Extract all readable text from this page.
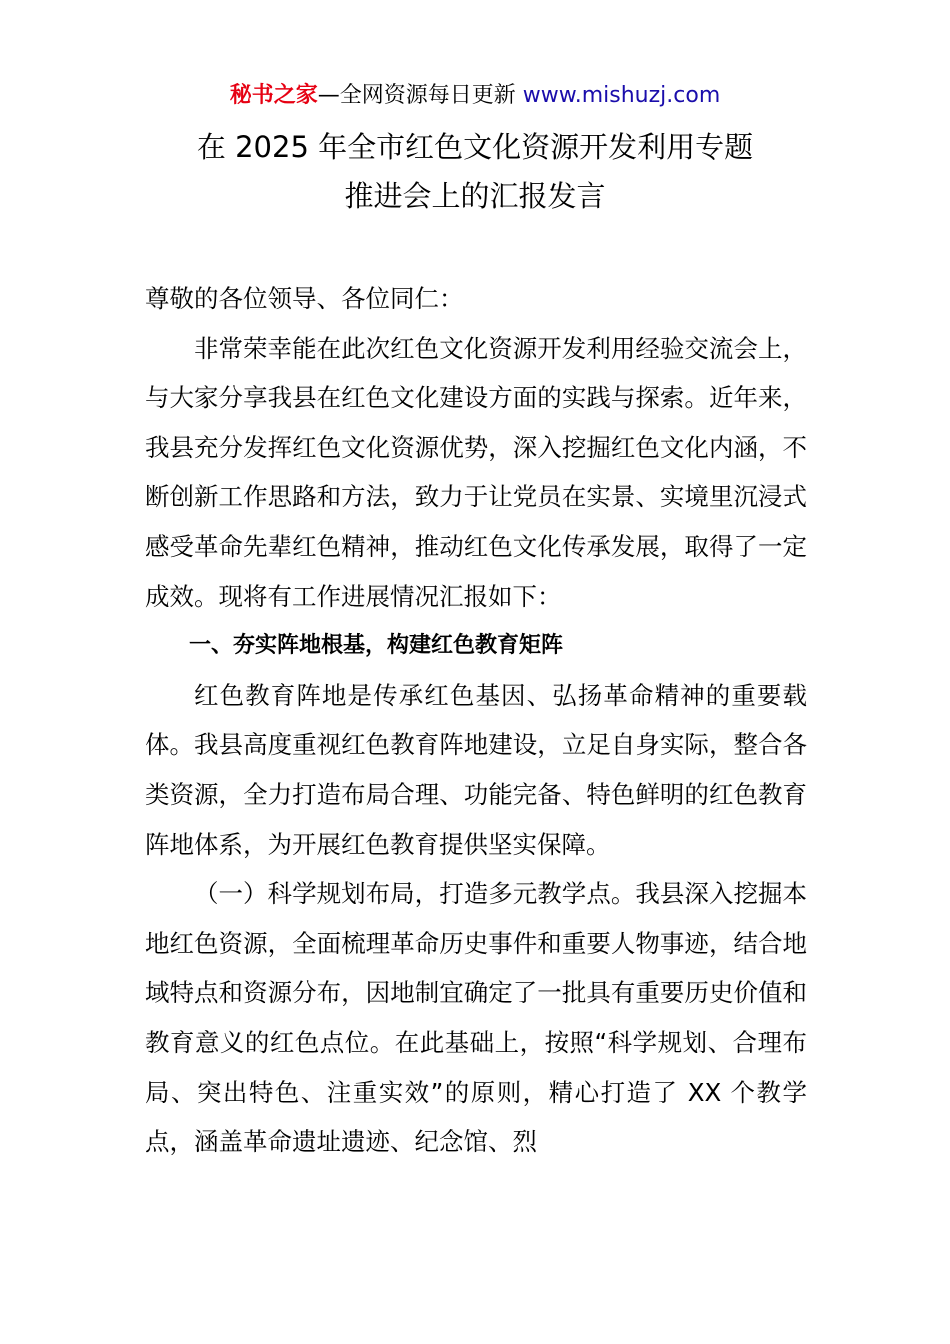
秘书之家—全网资源每日更新 www.mishuzj.com
在 2025 年全市红色文化资源开发利用专题
推进会上的汇报发言

尊敬的各位领导、各位同仁：

非常荣幸能在此次红色文化资源开发利用经验交流会上，与大家分享我县在红色文化建设方面的实践与探索。近年来，我县充分发挥红色文化资源优势，深入挖掘红色文化内涵，不断创新工作思路和方法，致力于让党员在实景、实境里沉浸式感受革命先辈红色精神，推动红色文化传承发展，取得了一定成效。现将有工作进展情况汇报如下：

一、夯实阵地根基，构建红色教育矩阵

红色教育阵地是传承红色基因、弘扬革命精神的重要载体。我县高度重视红色教育阵地建设，立足自身实际，整合各类资源，全力打造布局合理、功能完备、特色鲜明的红色教育阵地体系，为开展红色教育提供坚实保障。

（一）科学规划布局，打造多元教学点。我县深入挖掘本地红色资源，全面梳理革命历史事件和重要人物事迹，结合地域特点和资源分布，因地制宜确定了一批具有重要历史价值和教育意义的红色点位。在此基础上，按照“科学规划、合理布局、突出特色、注重实效”的原则，精心打造了 XX 个教学点，涵盖革命遗址遗迹、纪念馆、烈
